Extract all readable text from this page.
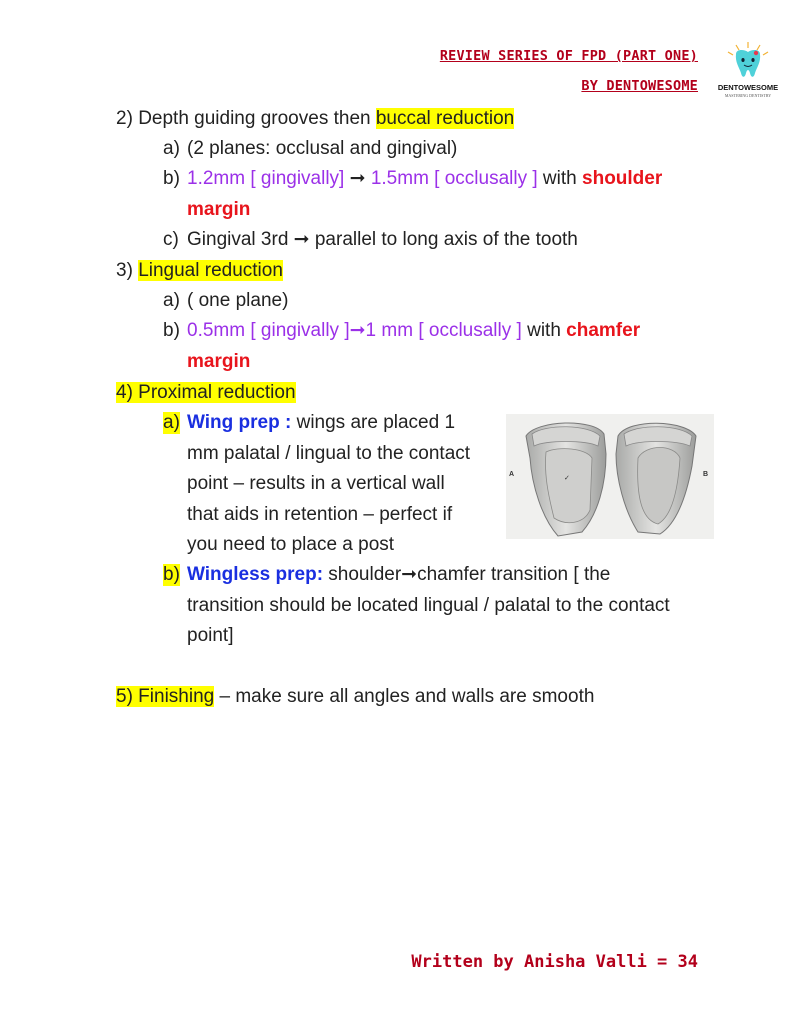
REVIEW SERIES OF FPD (PART ONE)
BY DENTOWESOME	DENTOWESOME
MASTERING DENTISTRY
2) Depth guiding grooves then buccal reduction
a) (2 planes: occlusal and gingival)
b) 1.2mm [ gingivally] ➞ 1.5mm [ occlusally ] with shoulder
margin
c) Gingival 3rd ➞ parallel to long axis of the tooth
3) Lingual reduction
a) ( one plane)
b) 0.5mm [ gingivally ]➞1 mm [ occlusally ] with chamfer
margin
4) Proximal reduction
a) Wing prep : wings are placed 1
mm palatal / lingual to the contact
point – results in a vertical wall
that aids in retention – perfect if
you need to place a post
b) Wingless prep: shoulder➞chamfer transition [ the
transition should be located lingual / palatal to the contact
point]
5) Finishing – make sure all angles and walls are smooth
A	B
✓
Written by Anisha Valli = 34
